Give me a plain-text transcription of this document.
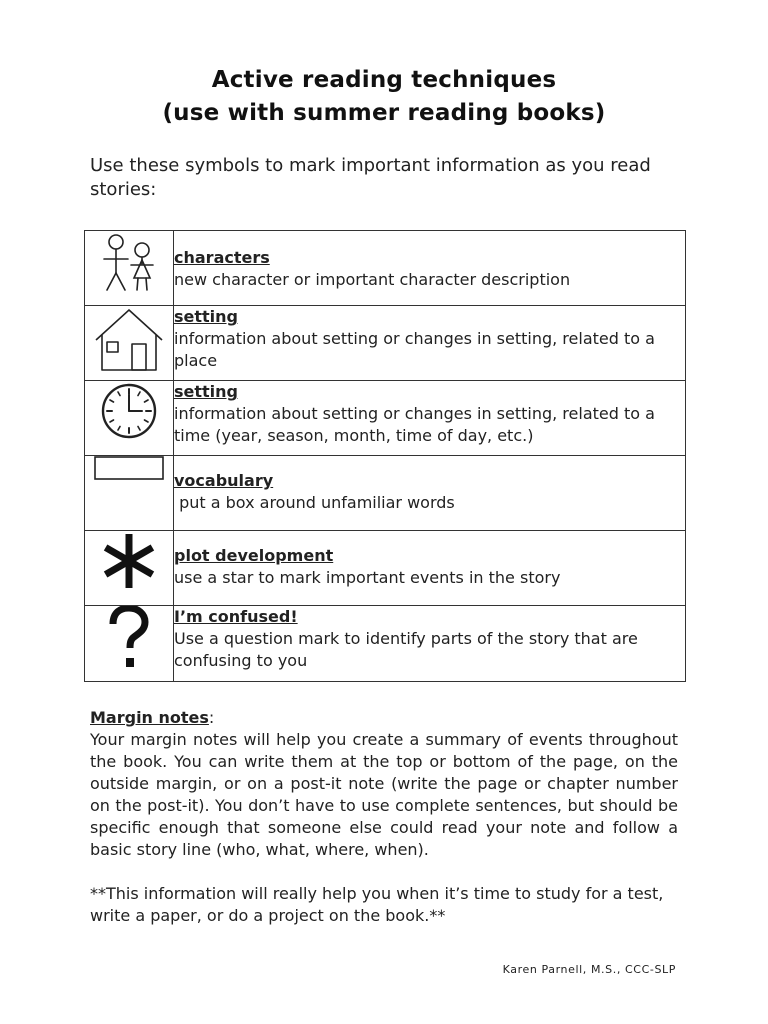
Active reading techniques
(use with summer reading books)
Use these symbols to mark important information as you read stories:

characters
new character or important character description

setting
information about setting or changes in setting, related to a place

setting
information about setting or changes in setting, related to a time (year, season, month, time of day, etc.)

vocabulary
put a box around unfamiliar words

plot development
use a star to mark important events in the story

I’m confused!
Use a question mark to identify parts of the story that are confusing to you
Margin notes:

Your margin notes will help you create a summary of events throughout the book. You can write them at the top or bottom of the page, on the outside margin, or on a post-it note (write the page or chapter number on the post-it). You don’t have to use complete sentences, but should be specific enough that someone else could read your note and follow a basic story line (who, what, where, when).

**This information will really help you when it’s time to study for a test, write a paper, or do a project on the book.**

Karen Parnell, M.S., CCC-SLP
